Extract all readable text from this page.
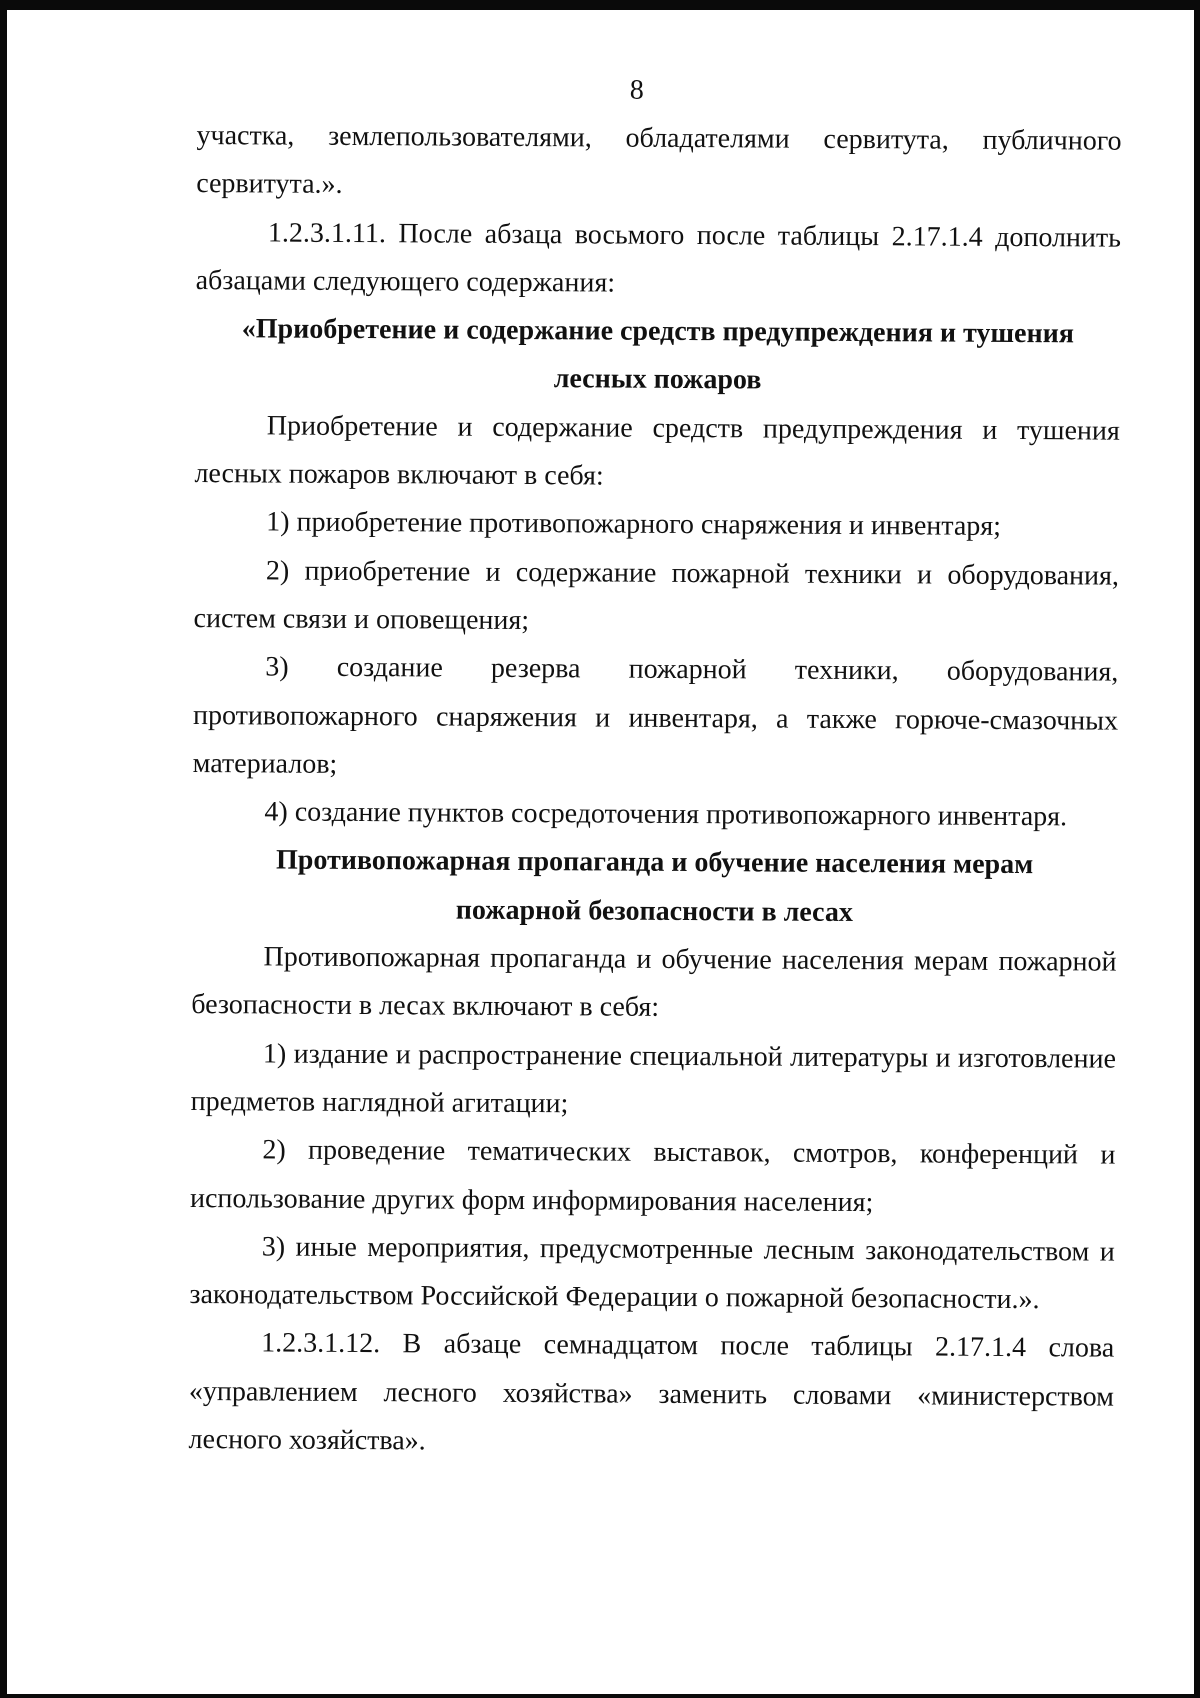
8

участка, землепользователями, обладателями сервитута, публичного

сервитута.».

1.2.3.1.11. После абзаца восьмого после таблицы 2.17.1.4 дополнить абзацами следующего содержания:

«Приобретение и содержание средств предупреждения и тушения
лесных пожаров

Приобретение и содержание средств предупреждения и тушения лесных пожаров включают в себя:

1) приобретение противопожарного снаряжения и инвентаря;

2) приобретение и содержание пожарной техники и оборудования, систем связи и оповещения;

3) создание резерва пожарной техники, оборудования, противопожарного снаряжения и инвентаря, а также горюче-смазочных материалов;

4) создание пунктов сосредоточения противопожарного инвентаря.

Противопожарная пропаганда и обучение населения мерам
пожарной безопасности в лесах

Противопожарная пропаганда и обучение населения мерам пожарной безопасности в лесах включают в себя:

1) издание и распространение специальной литературы и изготовление предметов наглядной агитации;

2) проведение тематических выставок, смотров, конференций и использование других форм информирования населения;

3) иные мероприятия, предусмотренные лесным законодательством и законодательством Российской Федерации о пожарной безопасности.».

1.2.3.1.12. В абзаце семнадцатом после таблицы 2.17.1.4 слова «управлением лесного хозяйства» заменить словами «министерством лесного хозяйства».
